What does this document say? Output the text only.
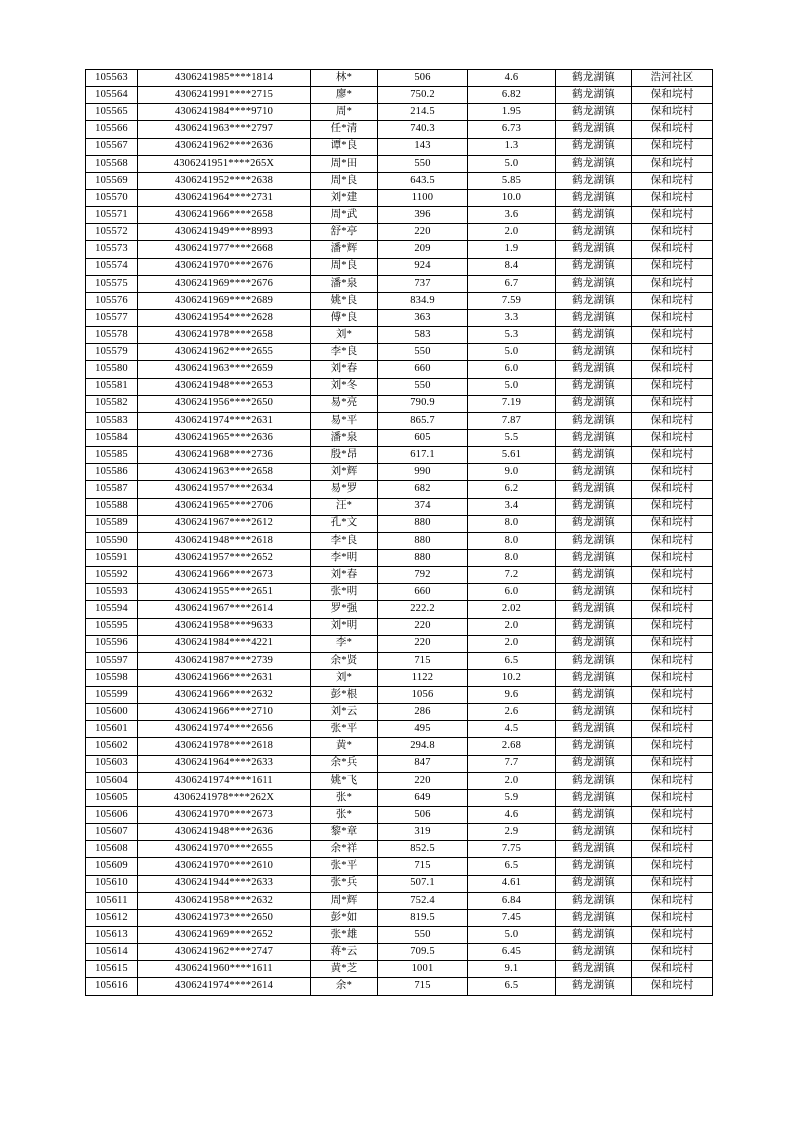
105563	4306241985****1814	林*	506	4.6	鹤龙湖镇	浩河社区
105564	4306241991****2715	廖*	750.2	6.82	鹤龙湖镇	保和垸村
105565	4306241984****9710	周*	214.5	1.95	鹤龙湖镇	保和垸村
105566	4306241963****2797	任*清	740.3	6.73	鹤龙湖镇	保和垸村
105567	4306241962****2636	谭*良	143	1.3	鹤龙湖镇	保和垸村
105568	4306241951****265X	周*田	550	5.0	鹤龙湖镇	保和垸村
105569	4306241952****2638	周*良	643.5	5.85	鹤龙湖镇	保和垸村
105570	4306241964****2731	刘*建	1100	10.0	鹤龙湖镇	保和垸村
105571	4306241966****2658	周*武	396	3.6	鹤龙湖镇	保和垸村
105572	4306241949****8993	舒*亭	220	2.0	鹤龙湖镇	保和垸村
105573	4306241977****2668	潘*辉	209	1.9	鹤龙湖镇	保和垸村
105574	4306241970****2676	周*良	924	8.4	鹤龙湖镇	保和垸村
105575	4306241969****2676	潘*泉	737	6.7	鹤龙湖镇	保和垸村
105576	4306241969****2689	姚*良	834.9	7.59	鹤龙湖镇	保和垸村
105577	4306241954****2628	傅*良	363	3.3	鹤龙湖镇	保和垸村
105578	4306241978****2658	刘*	583	5.3	鹤龙湖镇	保和垸村
105579	4306241962****2655	李*良	550	5.0	鹤龙湖镇	保和垸村
105580	4306241963****2659	刘*春	660	6.0	鹤龙湖镇	保和垸村
105581	4306241948****2653	刘*冬	550	5.0	鹤龙湖镇	保和垸村
105582	4306241956****2650	易*亮	790.9	7.19	鹤龙湖镇	保和垸村
105583	4306241974****2631	易*平	865.7	7.87	鹤龙湖镇	保和垸村
105584	4306241965****2636	潘*泉	605	5.5	鹤龙湖镇	保和垸村
105585	4306241968****2736	殷*昂	617.1	5.61	鹤龙湖镇	保和垸村
105586	4306241963****2658	刘*辉	990	9.0	鹤龙湖镇	保和垸村
105587	4306241957****2634	易*罗	682	6.2	鹤龙湖镇	保和垸村
105588	4306241965****2706	汪*	374	3.4	鹤龙湖镇	保和垸村
105589	4306241967****2612	孔*文	880	8.0	鹤龙湖镇	保和垸村
105590	4306241948****2618	李*良	880	8.0	鹤龙湖镇	保和垸村
105591	4306241957****2652	李*明	880	8.0	鹤龙湖镇	保和垸村
105592	4306241966****2673	刘*春	792	7.2	鹤龙湖镇	保和垸村
105593	4306241955****2651	张*明	660	6.0	鹤龙湖镇	保和垸村
105594	4306241967****2614	罗*强	222.2	2.02	鹤龙湖镇	保和垸村
105595	4306241958****9633	刘*明	220	2.0	鹤龙湖镇	保和垸村
105596	4306241984****4221	李*	220	2.0	鹤龙湖镇	保和垸村
105597	4306241987****2739	余*贤	715	6.5	鹤龙湖镇	保和垸村
105598	4306241966****2631	刘*	1122	10.2	鹤龙湖镇	保和垸村
105599	4306241966****2632	彭*根	1056	9.6	鹤龙湖镇	保和垸村
105600	4306241966****2710	刘*云	286	2.6	鹤龙湖镇	保和垸村
105601	4306241974****2656	张*平	495	4.5	鹤龙湖镇	保和垸村
105602	4306241978****2618	黄*	294.8	2.68	鹤龙湖镇	保和垸村
105603	4306241964****2633	余*兵	847	7.7	鹤龙湖镇	保和垸村
105604	4306241974****1611	姚*飞	220	2.0	鹤龙湖镇	保和垸村
105605	4306241978****262X	张*	649	5.9	鹤龙湖镇	保和垸村
105606	4306241970****2673	张*	506	4.6	鹤龙湖镇	保和垸村
105607	4306241948****2636	黎*章	319	2.9	鹤龙湖镇	保和垸村
105608	4306241970****2655	余*祥	852.5	7.75	鹤龙湖镇	保和垸村
105609	4306241970****2610	张*平	715	6.5	鹤龙湖镇	保和垸村
105610	4306241944****2633	张*兵	507.1	4.61	鹤龙湖镇	保和垸村
105611	4306241958****2632	周*辉	752.4	6.84	鹤龙湖镇	保和垸村
105612	4306241973****2650	彭*如	819.5	7.45	鹤龙湖镇	保和垸村
105613	4306241969****2652	张*雄	550	5.0	鹤龙湖镇	保和垸村
105614	4306241962****2747	蒋*云	709.5	6.45	鹤龙湖镇	保和垸村
105615	4306241960****1611	黄*芝	1001	9.1	鹤龙湖镇	保和垸村
105616	4306241974****2614	余*	715	6.5	鹤龙湖镇	保和垸村
